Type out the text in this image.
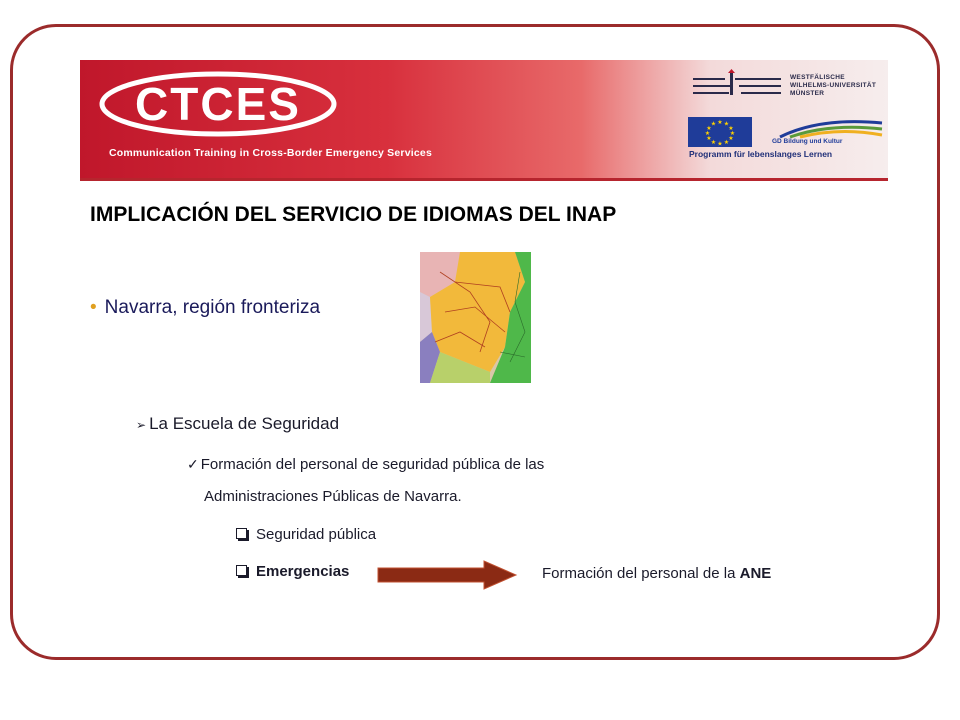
CTCES
Communication Training in Cross-Border Emergency Services
WESTFÄLISCHE
WILHELMS-UNIVERSITÄT
MÜNSTER
★ ★
★
★
★
★
★
★
★
★
★
★
GD Bildung und Kultur
Programm für lebenslanges Lernen
IMPLICACIÓN DEL SERVICIO DE IDIOMAS DEL INAP
• Navarra, región fronteriza
➢ La Escuela de Seguridad
✓ Formación del personal de seguridad pública de las
Administraciones Públicas de Navarra.
Seguridad pública
Emergencias	Formación del personal de la ANE
